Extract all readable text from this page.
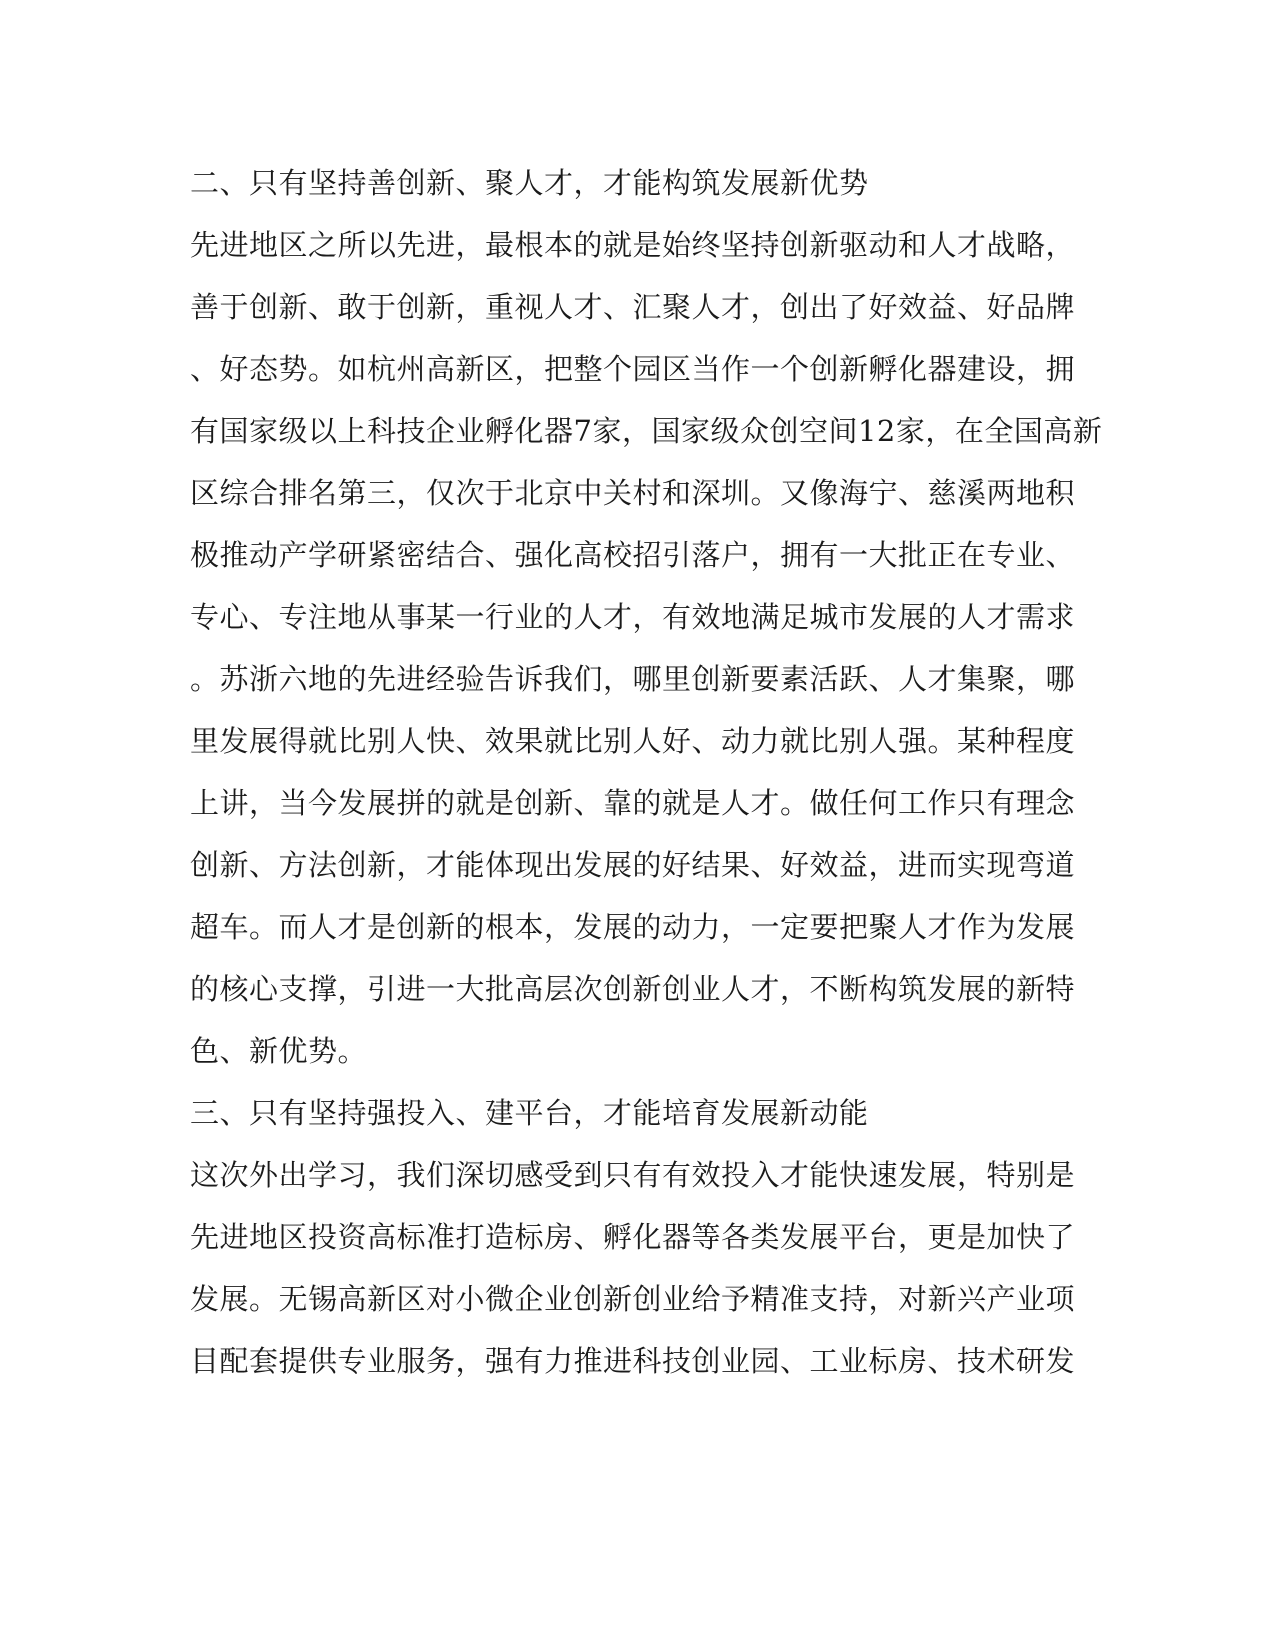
二、只有坚持善创新、聚人才，才能构筑发展新优势
先进地区之所以先进，最根本的就是始终坚持创新驱动和人才战略，
善于创新、敢于创新，重视人才、汇聚人才，创出了好效益、好品牌
、好态势。如杭州高新区，把整个园区当作一个创新孵化器建设，拥
有国家级以上科技企业孵化器7家，国家级众创空间12家，在全国高新
区综合排名第三，仅次于北京中关村和深圳。又像海宁、慈溪两地积
极推动产学研紧密结合、强化高校招引落户，拥有一大批正在专业、
专心、专注地从事某一行业的人才，有效地满足城市发展的人才需求
。苏浙六地的先进经验告诉我们，哪里创新要素活跃、人才集聚，哪
里发展得就比别人快、效果就比别人好、动力就比别人强。某种程度
上讲，当今发展拼的就是创新、靠的就是人才。做任何工作只有理念
创新、方法创新，才能体现出发展的好结果、好效益，进而实现弯道
超车。而人才是创新的根本，发展的动力，一定要把聚人才作为发展
的核心支撑，引进一大批高层次创新创业人才，不断构筑发展的新特
色、新优势。
三、只有坚持强投入、建平台，才能培育发展新动能
这次外出学习，我们深切感受到只有有效投入才能快速发展，特别是
先进地区投资高标准打造标房、孵化器等各类发展平台，更是加快了
发展。无锡高新区对小微企业创新创业给予精准支持，对新兴产业项
目配套提供专业服务，强有力推进科技创业园、工业标房、技术研发
